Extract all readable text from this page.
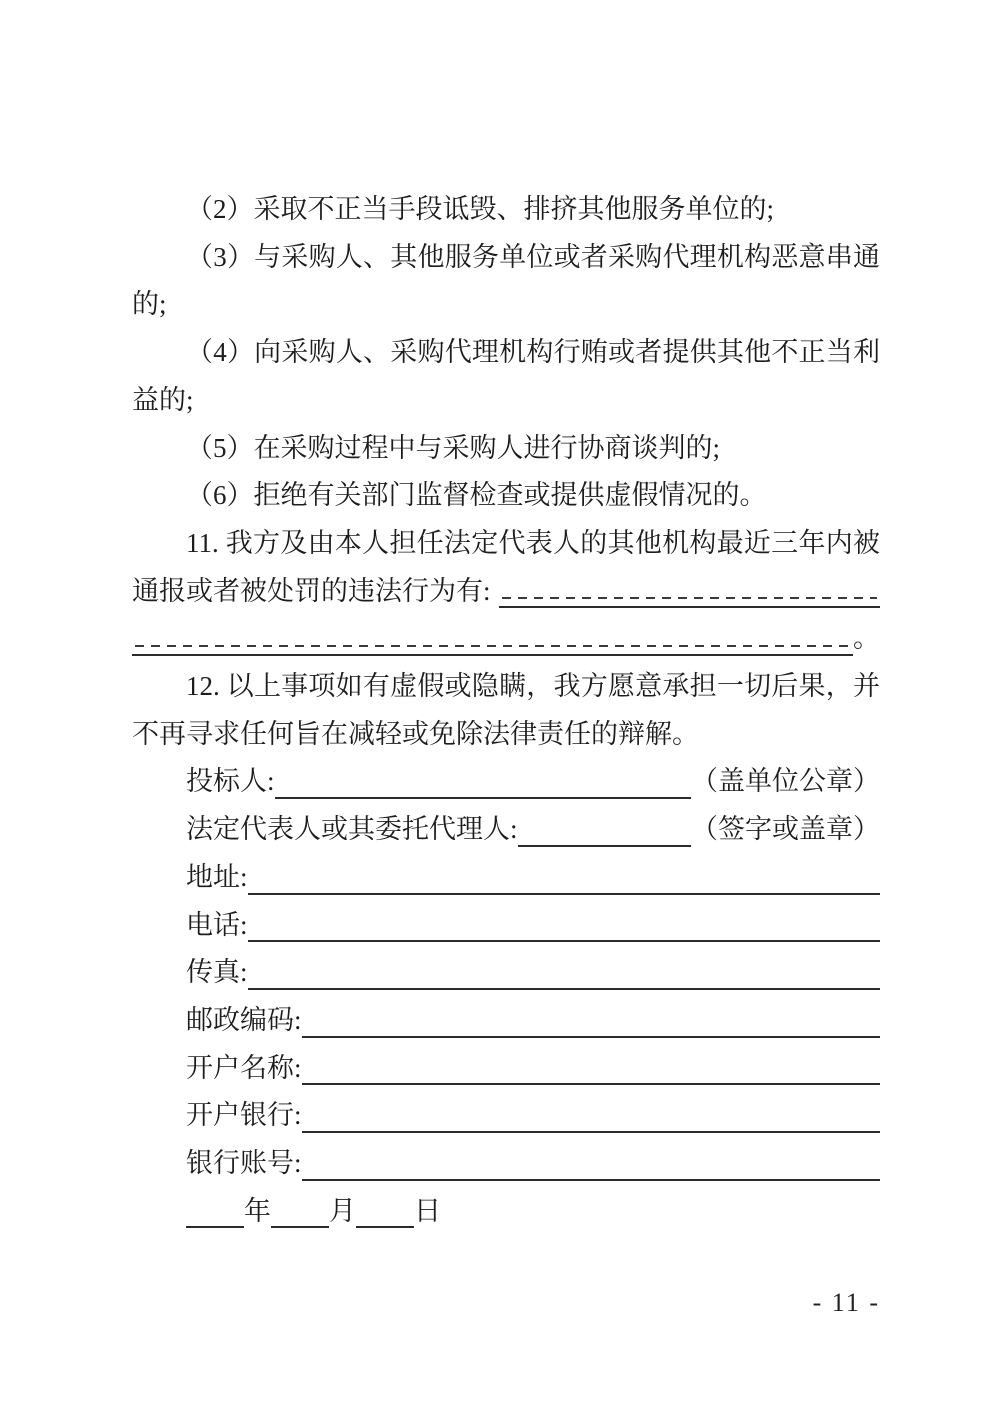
（2）采取不正当手段诋毁、排挤其他服务单位的;
（3）与采购人、其他服务单位或者采购代理机构恶意串通
的;
（4）向采购人、采购代理机构行贿或者提供其他不正当利
益的;
（5）在采购过程中与采购人进行协商谈判的;
（6）拒绝有关部门监督检查或提供虚假情况的。
11. 我方及由本人担任法定代表人的其他机构最近三年内被
通报或者被处罚的违法行为有:
。
12. 以上事项如有虚假或隐瞒，我方愿意承担一切后果，并
不再寻求任何旨在减轻或免除法律责任的辩解。
投标人:	（盖单位公章）
法定代表人或其委托代理人:	（签字或盖章）
地址:
电话:
传真:
邮政编码:
开户名称:
开户银行:
银行账号:
年 月 日
- 11 -
